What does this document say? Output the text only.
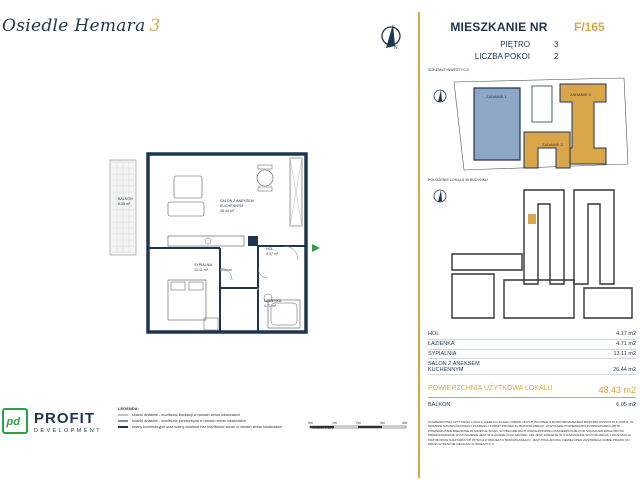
Osiedle Hemara 3
N
SALON Z ANEKSEM
KUCHENNYM
26.44 m²
SYPIALNIA
13.11 m²
ŁAZIENKA
4.71 m²
HOL
4.17 m²
BALKON
6.05 m²
MIESZKANIE NR	F/165
PIĘTRO	3
LICZBA POKOI	2
SCHEMAT INWESTYCJI
ZADANIE 1
ZADANIE 2
ZADANIE 3
POŁOŻENIE LOKALU W BUDYNKU
HOL	4.17 m2
ŁAZIENKA	4.71 m2
SYPIALNIA	13.11 m2
SALON Z ANEKSEM KUCHENNYM	26.44 m2
POWIERZCHNIA UŻYTKOWA LOKALU	48.43 m2
BALKON	6.05 m2
POWIERZCHNIA UŻYTKOWA LOKALU WEDŁUG ZASAD OKREŚLONYCH ZGODNIE Z ROZPORZĄDZENIEM MINISTRA ROZWOJU Z 2006 R. W SPRAWIE SZCZEGÓŁOWEGO ZAKRESU I FORMY PROJEKTU BUDOWLANEGO. W WYKAZIE POWIERZCHNI POMIESZCZEŃ UJĘTO POWIERZCHNIE MIERZONE W ŚWIETLE ŚCIAN. W OBLICZENIACH UWZGLĘDNIONO POWIERZCHNIE POD ŚCIANKAMI DZIAŁOWYMI. PRZEDSTAWIONE WYPOSAŻENIE JEST WYŁĄCZNIE POGLĄDOWE I NIE JEST ZAWARTE W STANDARDZIE WYKOŃCZENIA. LOKALIZACJA PRZYBORÓW SANITARNYCH WYNIKA Z PROJEKTU BUDOWLANEGO I JEST POGLĄDOWA. DEWELOPER ZASTRZEGA SOBIE PRAWO DO ZMIAN W TRAKCIE REALIZACJI INWESTYCJI.
pd PROFIT
DEVELOPMENT
LEGENDA:
ścianki działowe - możliwość likwidacji w ramach zmian lokatorskich
ścianki działowe - możliwość przesunięcia w ramach zmian lokatorskich
ściany konstrukcyjne oraz ściany działowe bez możliwości zmian w ramach zmian lokatorskich
0m	1m	2m	3m	4m
SKALA 1:100
